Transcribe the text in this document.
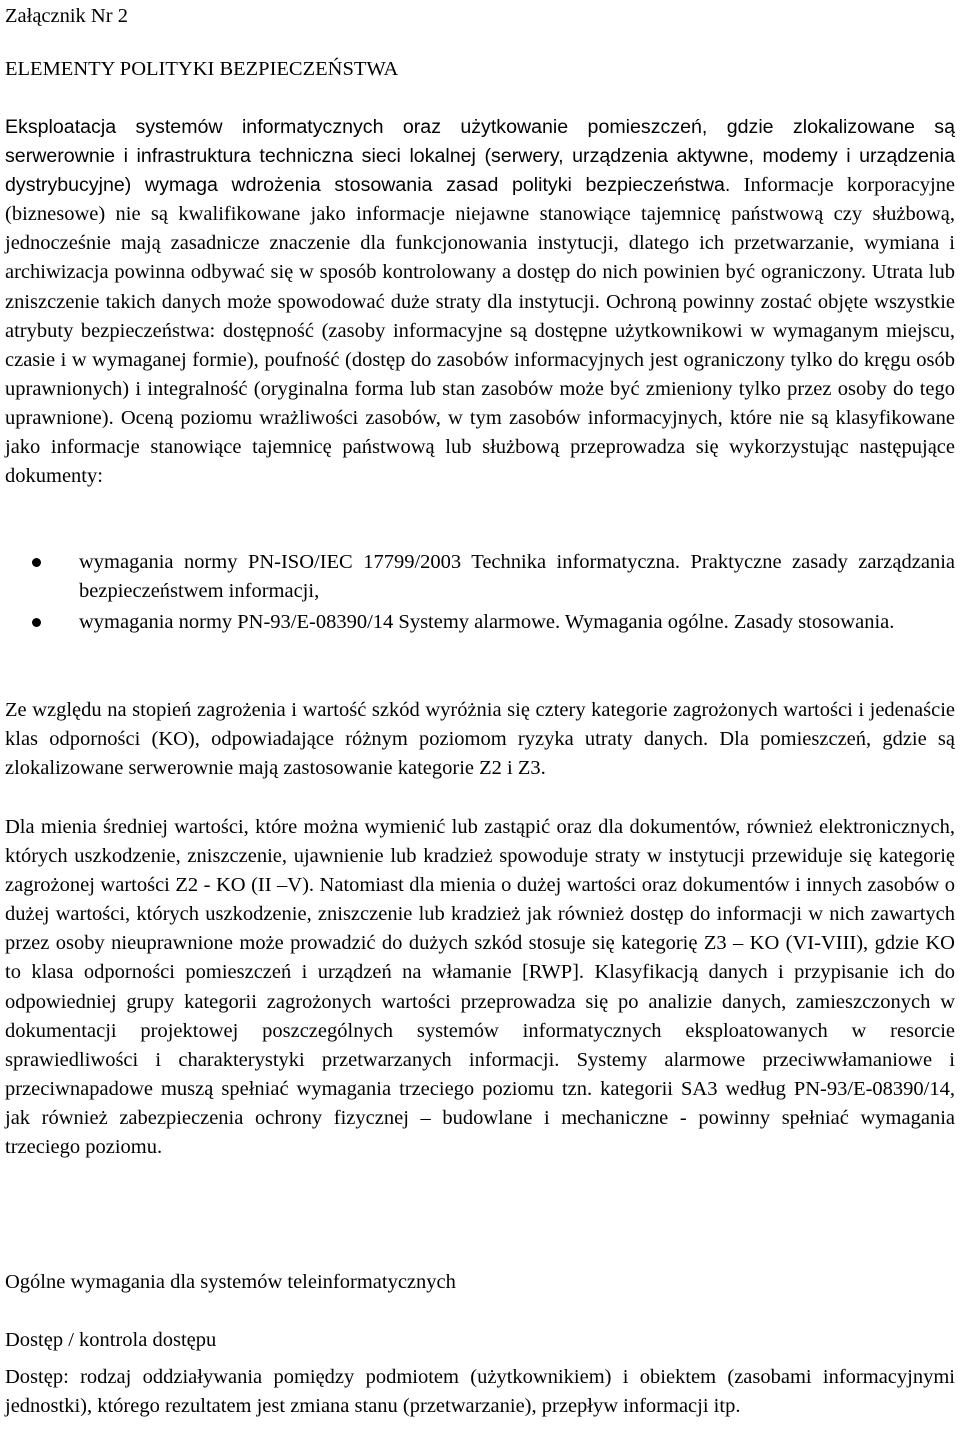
Załącznik Nr 2

ELEMENTY POLITYKI BEZPIECZEŃSTWA

Eksploatacja systemów informatycznych oraz użytkowanie pomieszczeń, gdzie zlokalizowane są serwerownie i infrastruktura techniczna sieci lokalnej (serwery, urządzenia aktywne, modemy i urządzenia dystrybucyjne) wymaga wdrożenia stosowania zasad polityki bezpieczeństwa. Informacje korporacyjne (biznesowe) nie są kwalifikowane jako informacje niejawne stanowiące tajemnicę państwową czy służbową, jednocześnie mają zasadnicze znaczenie dla funkcjonowania instytucji, dlatego ich przetwarzanie, wymiana i archiwizacja powinna odbywać się w sposób kontrolowany a dostęp do nich powinien być ograniczony. Utrata lub zniszczenie takich danych może spowodować duże straty dla instytucji. Ochroną powinny zostać objęte wszystkie atrybuty bezpieczeństwa: dostępność (zasoby informacyjne są dostępne użytkownikowi w wymaganym miejscu, czasie i w wymaganej formie), poufność (dostęp do zasobów informacyjnych jest ograniczony tylko do kręgu osób uprawnionych) i integralność (oryginalna forma lub stan zasobów może być zmieniony tylko przez osoby do tego uprawnione). Oceną poziomu wrażliwości zasobów, w tym zasobów informacyjnych, które nie są klasyfikowane jako informacje stanowiące tajemnicę państwową lub służbową przeprowadza się wykorzystując następujące dokumenty:

wymagania normy PN-ISO/IEC 17799/2003 Technika informatyczna. Praktyczne zasady zarządzania bezpieczeństwem informacji,
wymagania normy PN-93/E-08390/14 Systemy alarmowe. Wymagania ogólne. Zasady stosowania.

Ze względu na stopień zagrożenia i wartość szkód wyróżnia się cztery kategorie zagrożonych wartości i jedenaście klas odporności (KO), odpowiadające różnym poziomom ryzyka utraty danych. Dla pomieszczeń, gdzie są zlokalizowane serwerownie mają zastosowanie kategorie Z2 i Z3.

Dla mienia średniej wartości, które można wymienić lub zastąpić oraz dla dokumentów, również elektronicznych, których uszkodzenie, zniszczenie, ujawnienie lub kradzież spowoduje straty w instytucji przewiduje się kategorię zagrożonej wartości Z2 - KO (II –V). Natomiast dla mienia o dużej wartości oraz dokumentów i innych zasobów o dużej wartości, których uszkodzenie, zniszczenie lub kradzież jak również dostęp do informacji w nich zawartych przez osoby nieuprawnione może prowadzić do dużych szkód stosuje się kategorię Z3 – KO (VI-VIII), gdzie KO to klasa odporności pomieszczeń i urządzeń na włamanie [RWP]. Klasyfikacją danych i przypisanie ich do odpowiedniej grupy kategorii zagrożonych wartości przeprowadza się po analizie danych, zamieszczonych w dokumentacji projektowej poszczególnych systemów informatycznych eksploatowanych w resorcie sprawiedliwości i charakterystyki przetwarzanych informacji. Systemy alarmowe przeciwwłamaniowe i przeciwnapadowe muszą spełniać wymagania trzeciego poziomu tzn. kategorii SA3 według PN-93/E-08390/14, jak również zabezpieczenia ochrony fizycznej – budowlane i mechaniczne - powinny spełniać wymagania trzeciego poziomu.

Ogólne wymagania dla systemów teleinformatycznych

Dostęp / kontrola dostępu

Dostęp: rodzaj oddziaływania pomiędzy podmiotem (użytkownikiem) i obiektem (zasobami informacyjnymi jednostki), którego rezultatem jest zmiana stanu (przetwarzanie), przepływ informacji itp.
